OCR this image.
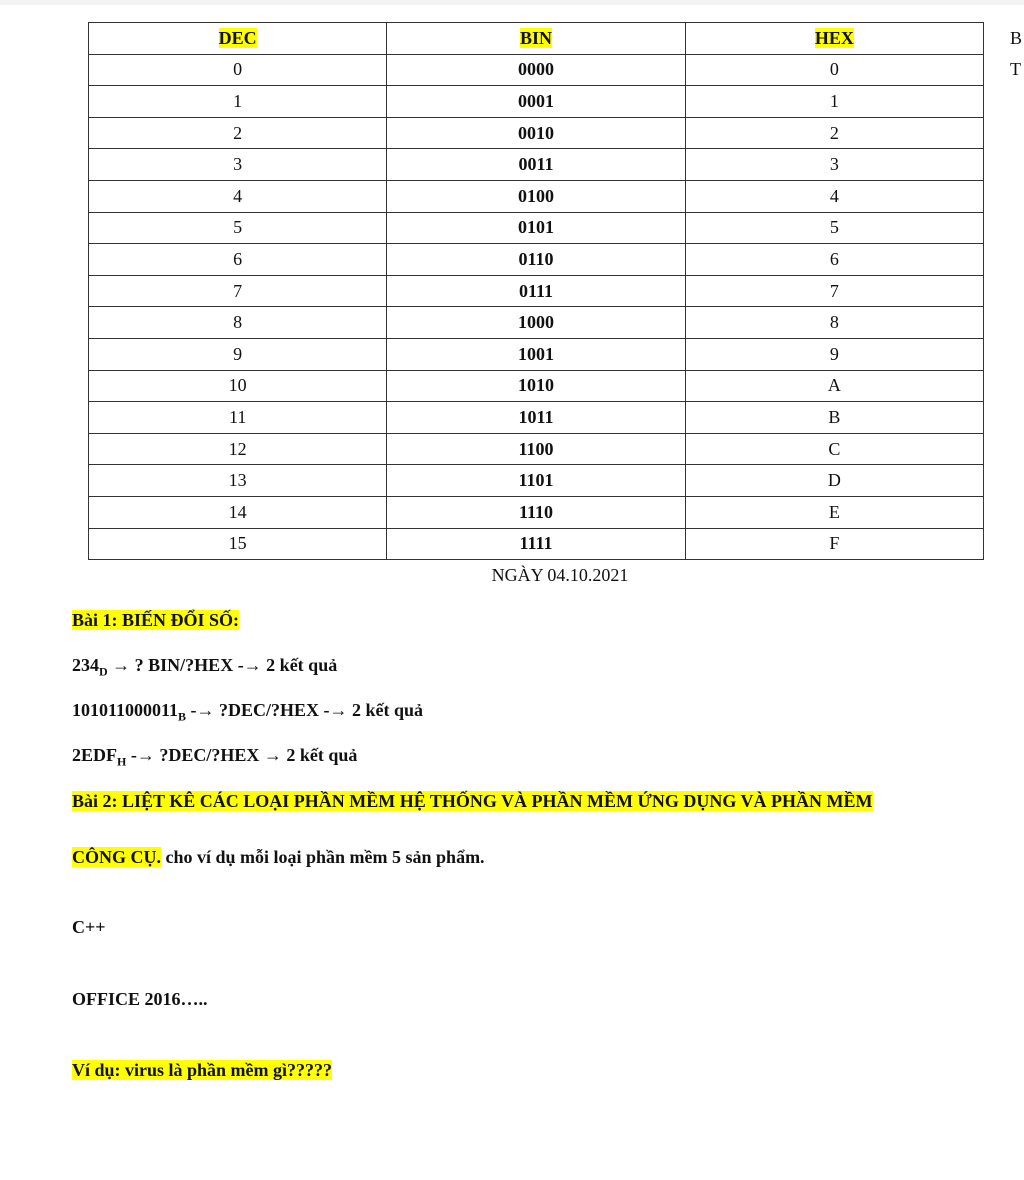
DEC	BIN	HEX
0	0000	0
1	0001	1
2	0010	2
3	0011	3
4	0100	4
5	0101	5
6	0110	6
7	0111	7
8	1000	8
9	1001	9
10	1010	A
11	1011	B
12	1100	C
13	1101	D
14	1110	E
15	1111	F
B
T
NGÀY 04.10.2021
Bài 1: BIẾN ĐỔI SỐ:
$234_D$ → ? BIN/?HEX -→ 2 kết quả
$101011000011_B$ -→ ?DEC/?HEX -→ 2 kết quả
$2EDF_H$ -→ ?DEC/?HEX → 2 kết quả
Bài 2: LIỆT KÊ CÁC LOẠI PHẦN MỀM HỆ THỐNG VÀ PHẦN MỀM ỨNG DỤNG VÀ PHẦN MỀM
CÔNG CỤ. cho ví dụ mỗi loại phần mềm 5 sản phẩm.
C++
OFFICE 2016…..
Ví dụ: virus là phần mềm gì?????
